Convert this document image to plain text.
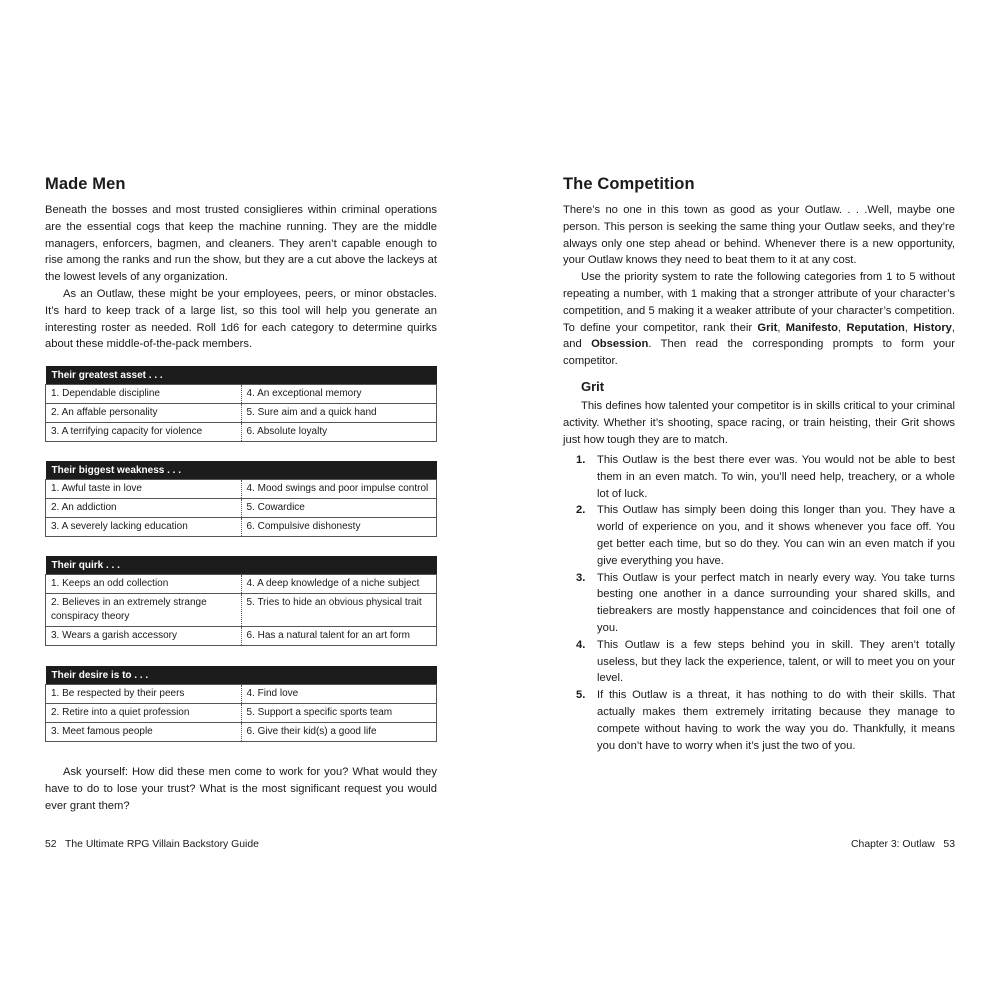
Made Men

Beneath the bosses and most trusted consiglieres within criminal operations are the essential cogs that keep the machine running. They are the middle managers, enforcers, bagmen, and cleaners. They aren’t capable enough to rise among the ranks and run the show, but they are a cut above the lackeys at the lowest levels of any organization.

As an Outlaw, these might be your employees, peers, or minor obstacles. It’s hard to keep track of a large list, so this tool will help you generate an interesting roster as needed. Roll 1d6 for each category to determine quirks about these middle-of-the-pack members.

Their greatest asset . . .	
1. Dependable discipline	4. An exceptional memory
2. An affable personality	5. Sure aim and a quick hand
3. A terrifying capacity for violence	6. Absolute loyalty
Their biggest weakness . . .	
1. Awful taste in love	4. Mood swings and poor impulse control
2. An addiction	5. Cowardice
3. A severely lacking education	6. Compulsive dishonesty
Their quirk . . .	
1. Keeps an odd collection	4. A deep knowledge of a niche subject
2. Believes in an extremely strange conspiracy theory	5. Tries to hide an obvious physical trait
3. Wears a garish accessory	6. Has a natural talent for an art form
Their desire is to . . .	
1. Be respected by their peers	4. Find love
2. Retire into a quiet profession	5. Support a specific sports team
3. Meet famous people	6. Give their kid(s) a good life

Ask yourself: How did these men come to work for you? What would they have to do to lose your trust? What is the most significant request you would ever grant them?

52   The Ultimate RPG Villain Backstory Guide
The Competition

There’s no one in this town as good as your Outlaw. . . .Well, maybe one person. This person is seeking the same thing your Outlaw seeks, and they’re always only one step ahead or behind. Whenever there is a new opportunity, your Outlaw knows they need to beat them to it at any cost.

Use the priority system to rate the following categories from 1 to 5 without repeating a number, with 1 making that a stronger attribute of your character’s competition, and 5 making it a weaker attribute of your character’s competition. To define your competitor, rank their Grit, Manifesto, Reputation, History, and Obsession. Then read the corresponding prompts to form your competitor.

Grit

This defines how talented your competitor is in skills critical to your criminal activity. Whether it’s shooting, space racing, or train heisting, their Grit shows just how tough they are to match.

1. This Outlaw is the best there ever was. You would not be able to best them in an even match. To win, you’ll need help, treachery, or a whole lot of luck.
2. This Outlaw has simply been doing this longer than you. They have a world of experience on you, and it shows whenever you face off. You get better each time, but so do they. You can win an even match if you give everything you have.
3. This Outlaw is your perfect match in nearly every way. You take turns besting one another in a dance surrounding your shared skills, and tiebreakers are mostly happenstance and coincidences that foil one of you.
4. This Outlaw is a few steps behind you in skill. They aren’t totally useless, but they lack the experience, talent, or will to meet you on your level.
5. If this Outlaw is a threat, it has nothing to do with their skills. That actually makes them extremely irritating because they manage to compete without having to work the way you do. Thankfully, it means you don’t have to worry when it’s just the two of you.
Chapter 3: Outlaw   53
